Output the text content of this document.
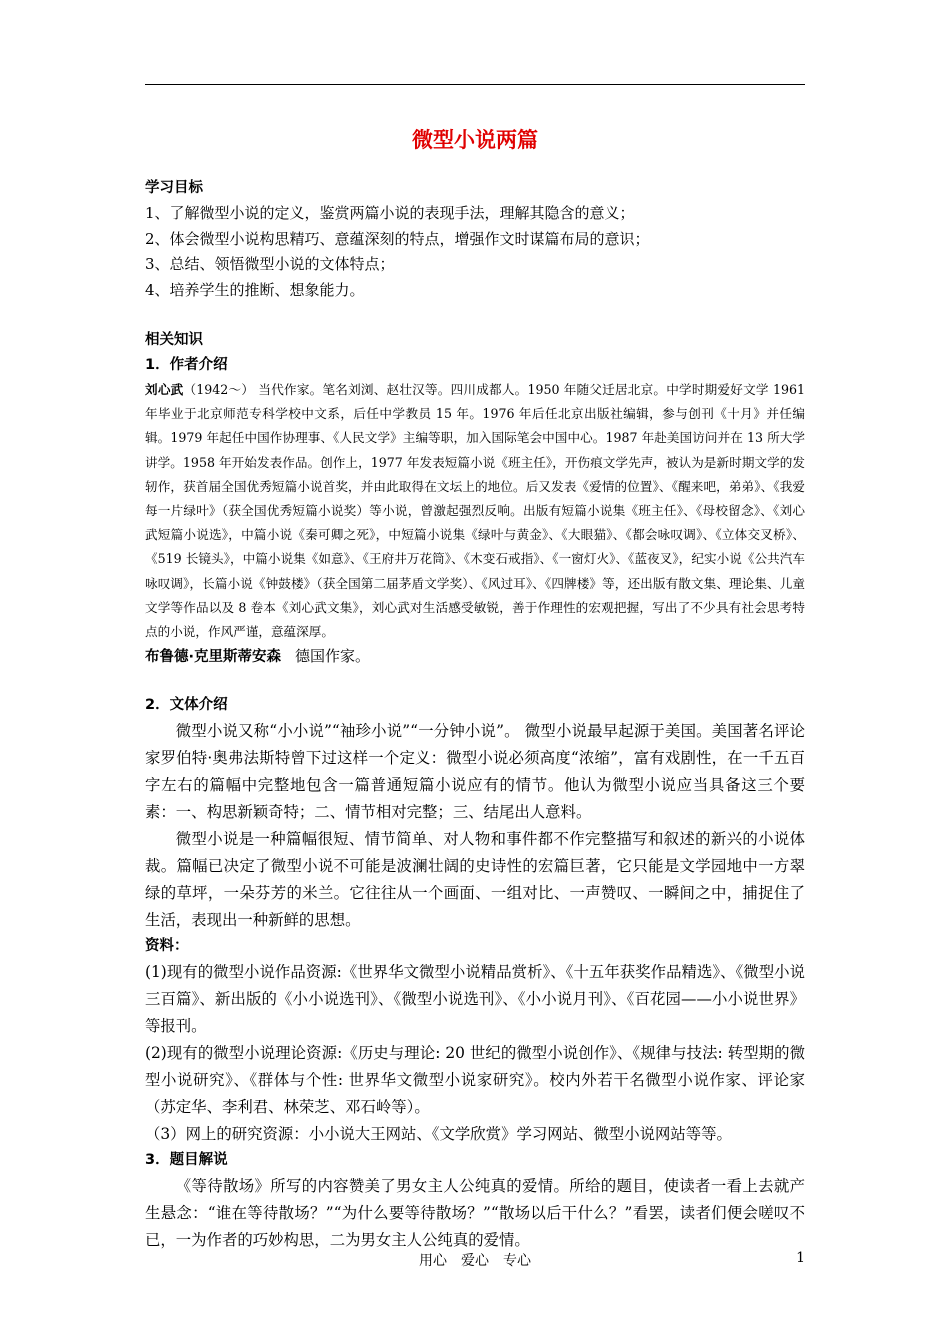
微型小说两篇

学习目标

1、了解微型小说的定义，鉴赏两篇小说的表现手法，理解其隐含的意义；

2、体会微型小说构思精巧、意蕴深刻的特点，增强作文时谋篇布局的意识；

3、总结、领悟微型小说的文体特点；

4、培养学生的推断、想象能力。

相关知识

1．作者介绍

刘心武（1942～） 当代作家。笔名刘浏、赵壮汉等。四川成都人。1950 年随父迁居北京。中学时期爱好文学 1961 年毕业于北京师范专科学校中文系，后任中学教员 15 年。1976 年后任北京出版社编辑，参与创刊《十月》并任编辑。1979 年起任中国作协理事、《人民文学》主编等职，加入国际笔会中国中心。1987 年赴美国访问并在 13 所大学讲学。1958 年开始发表作品。创作上，1977 年发表短篇小说《班主任》，开伤痕文学先声，被认为是新时期文学的发轫作，获首届全国优秀短篇小说首奖，并由此取得在文坛上的地位。后又发表《爱情的位置》、《醒来吧，弟弟》、《我爱每一片绿叶》（获全国优秀短篇小说奖）等小说，曾激起强烈反响。出版有短篇小说集《班主任》、《母校留念》、《刘心武短篇小说选》，中篇小说《秦可卿之死》，中短篇小说集《绿叶与黄金》、《大眼猫》、《都会咏叹调》、《立体交叉桥》、《519 长镜头》，中篇小说集《如意》、《王府井万花筒》、《木变石戒指》、《一窗灯火》、《蓝夜叉》，纪实小说《公共汽车咏叹调》，长篇小说《钟鼓楼》（获全国第二届茅盾文学奖）、《风过耳》、《四牌楼》等，还出版有散文集、理论集、儿童文学等作品以及 8 卷本《刘心武文集》，刘心武对生活感受敏锐，善于作理性的宏观把握，写出了不少具有社会思考特点的小说，作风严谨，意蕴深厚。

布鲁德·克里斯蒂安森 德国作家。

2．文体介绍

微型小说又称“小小说”“袖珍小说”“一分钟小说”。 微型小说最早起源于美国。美国著名评论家罗伯特·奥弗法斯特曾下过这样一个定义：微型小说必须高度“浓缩”，富有戏剧性，在一千五百字左右的篇幅中完整地包含一篇普通短篇小说应有的情节。他认为微型小说应当具备这三个要素：一、构思新颖奇特；二、情节相对完整；三、结尾出人意料。

微型小说是一种篇幅很短、情节简单、对人物和事件都不作完整描写和叙述的新兴的小说体裁。篇幅已决定了微型小说不可能是波澜壮阔的史诗性的宏篇巨著，它只能是文学园地中一方翠绿的草坪，一朵芬芳的米兰。它往往从一个画面、一组对比、一声赞叹、一瞬间之中，捕捉住了生活，表现出一种新鲜的思想。

资料：

(1)现有的微型小说作品资源:《世界华文微型小说精品赏析》、《十五年获奖作品精选》、《微型小说三百篇》、新出版的《小小说选刊》、《微型小说选刊》、《小小说月刊》、《百花园——小小说世界》 等报刊。

(2)现有的微型小说理论资源:《历史与理论: 20 世纪的微型小说创作》、《规律与技法: 转型期的微型小说研究》、《群体与个性: 世界华文微型小说家研究》。校内外若干名微型小说作家、评论家（苏定华、李利君、林荣芝、邓石岭等）。

（3）网上的研究资源：小小说大王网站、《文学欣赏》学习网站、微型小说网站等等。

3．题目解说

《等待散场》所写的内容赞美了男女主人公纯真的爱情。所给的题目，使读者一看上去就产生悬念：“谁在等待散场？”“为什么要等待散场？”“散场以后干什么？”看罢，读者们便会嗟叹不已，一为作者的巧妙构思，二为男女主人公纯真的爱情。

用心　爱心　专心	1
